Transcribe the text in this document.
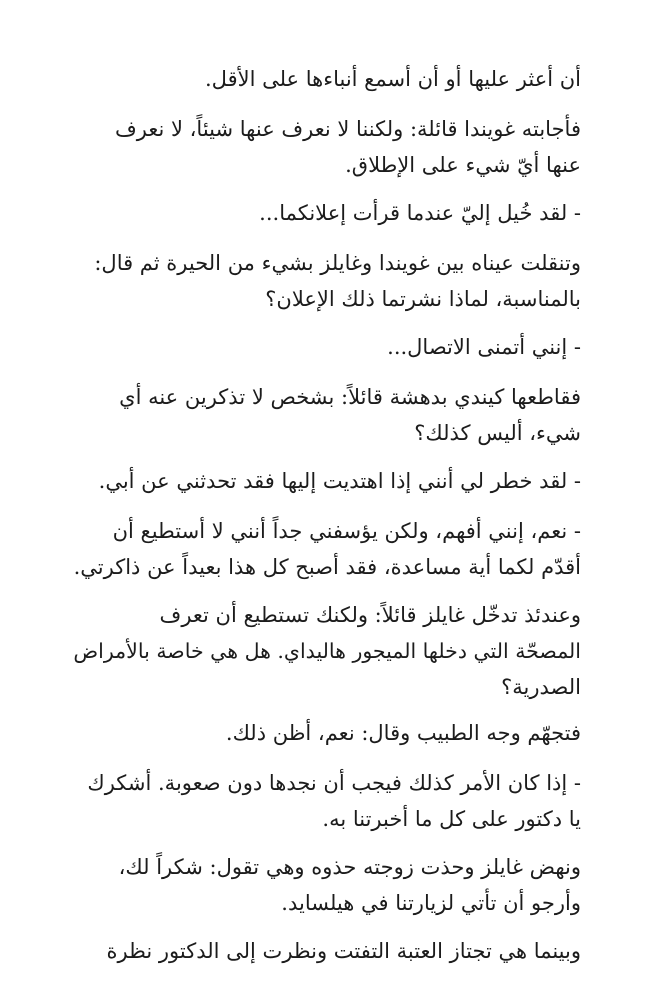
أن أعثر عليها أو أن أسمع أنباءها على الأقل.
فأجابته غويندا قائلة: ولكننا لا نعرف عنها شيئاً، لا نعرف
عنها أيّ شيء على الإطلاق.
- لقد خُيل إليّ عندما قرأت إعلانكما...
وتنقلت عيناه بين غويندا وغايلز بشيء من الحيرة ثم قال:
بالمناسبة، لماذا نشرتما ذلك الإعلان؟
- إنني أتمنى الاتصال...
فقاطعها كيندي بدهشة قائلاً: بشخص لا تذكرين عنه أي
شيء، أليس كذلك؟
- لقد خطر لي أنني إذا اهتديت إليها فقد تحدثني عن أبي.
- نعم، إنني أفهم، ولكن يؤسفني جداً أنني لا أستطيع أن
أقدّم لكما أية مساعدة، فقد أصبح كل هذا بعيداً عن ذاكرتي.
وعندئذ تدخّل غايلز قائلاً: ولكنك تستطيع أن تعرف
المصحّة التي دخلها الميجور هاليداي. هل هي خاصة بالأمراض
الصدرية؟
فتجهّم وجه الطبيب وقال: نعم، أظن ذلك.
- إذا كان الأمر كذلك فيجب أن نجدها دون صعوبة. أشكرك
يا دكتور على كل ما أخبرتنا به.
ونهض غايلز وحذت زوجته حذوه وهي تقول: شكراً لك،
وأرجو أن تأتي لزيارتنا في هيلسايد.
وبينما هي تجتاز العتبة التفتت ونظرت إلى الدكتور نظرة
